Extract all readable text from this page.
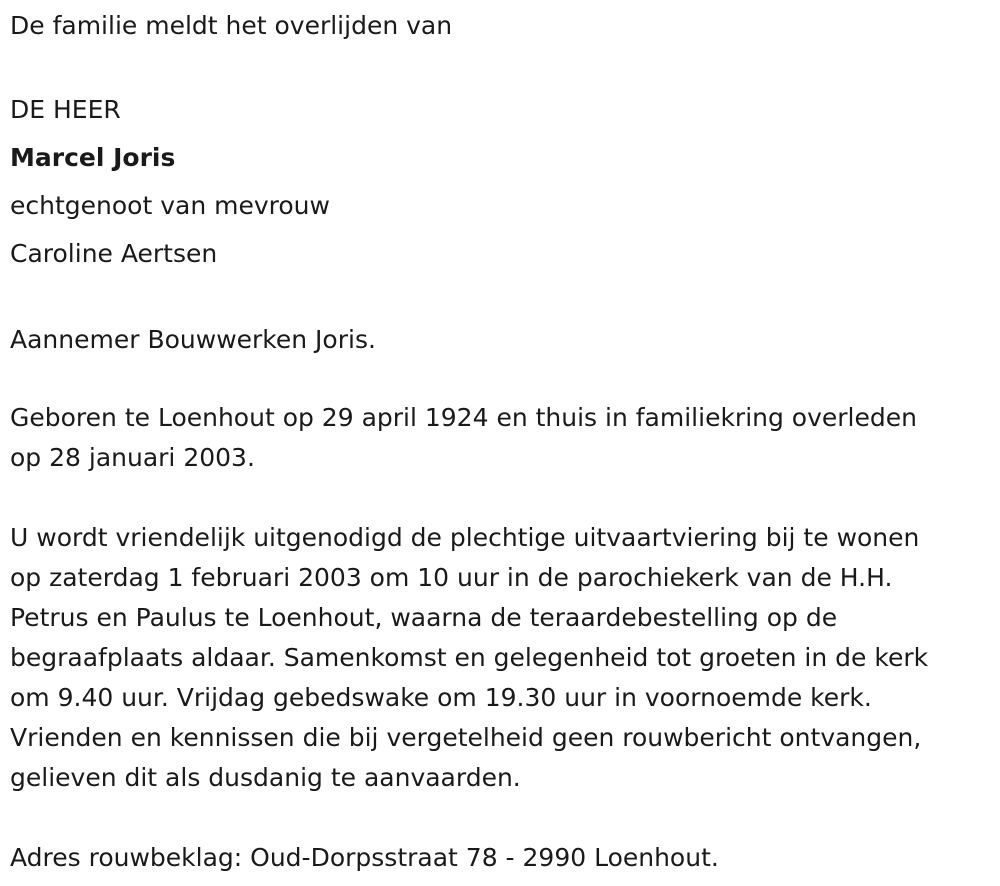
De familie meldt het overlijden van

DE HEER

Marcel Joris

echtgenoot van mevrouw

Caroline Aertsen

Aannemer Bouwwerken Joris.

Geboren te Loenhout op 29 april 1924 en thuis in familiekring overleden

op 28 januari 2003.

U wordt vriendelijk uitgenodigd de plechtige uitvaartviering bij te wonen

op zaterdag 1 februari 2003 om 10 uur in de parochiekerk van de H.H.

Petrus en Paulus te Loenhout, waarna de teraardebestelling op de

begraafplaats aldaar. Samenkomst en gelegenheid tot groeten in de kerk

om 9.40 uur. Vrijdag gebedswake om 19.30 uur in voornoemde kerk.

Vrienden en kennissen die bij vergetelheid geen rouwbericht ontvangen,

gelieven dit als dusdanig te aanvaarden.

Adres rouwbeklag: Oud-Dorpsstraat 78 - 2990 Loenhout.
